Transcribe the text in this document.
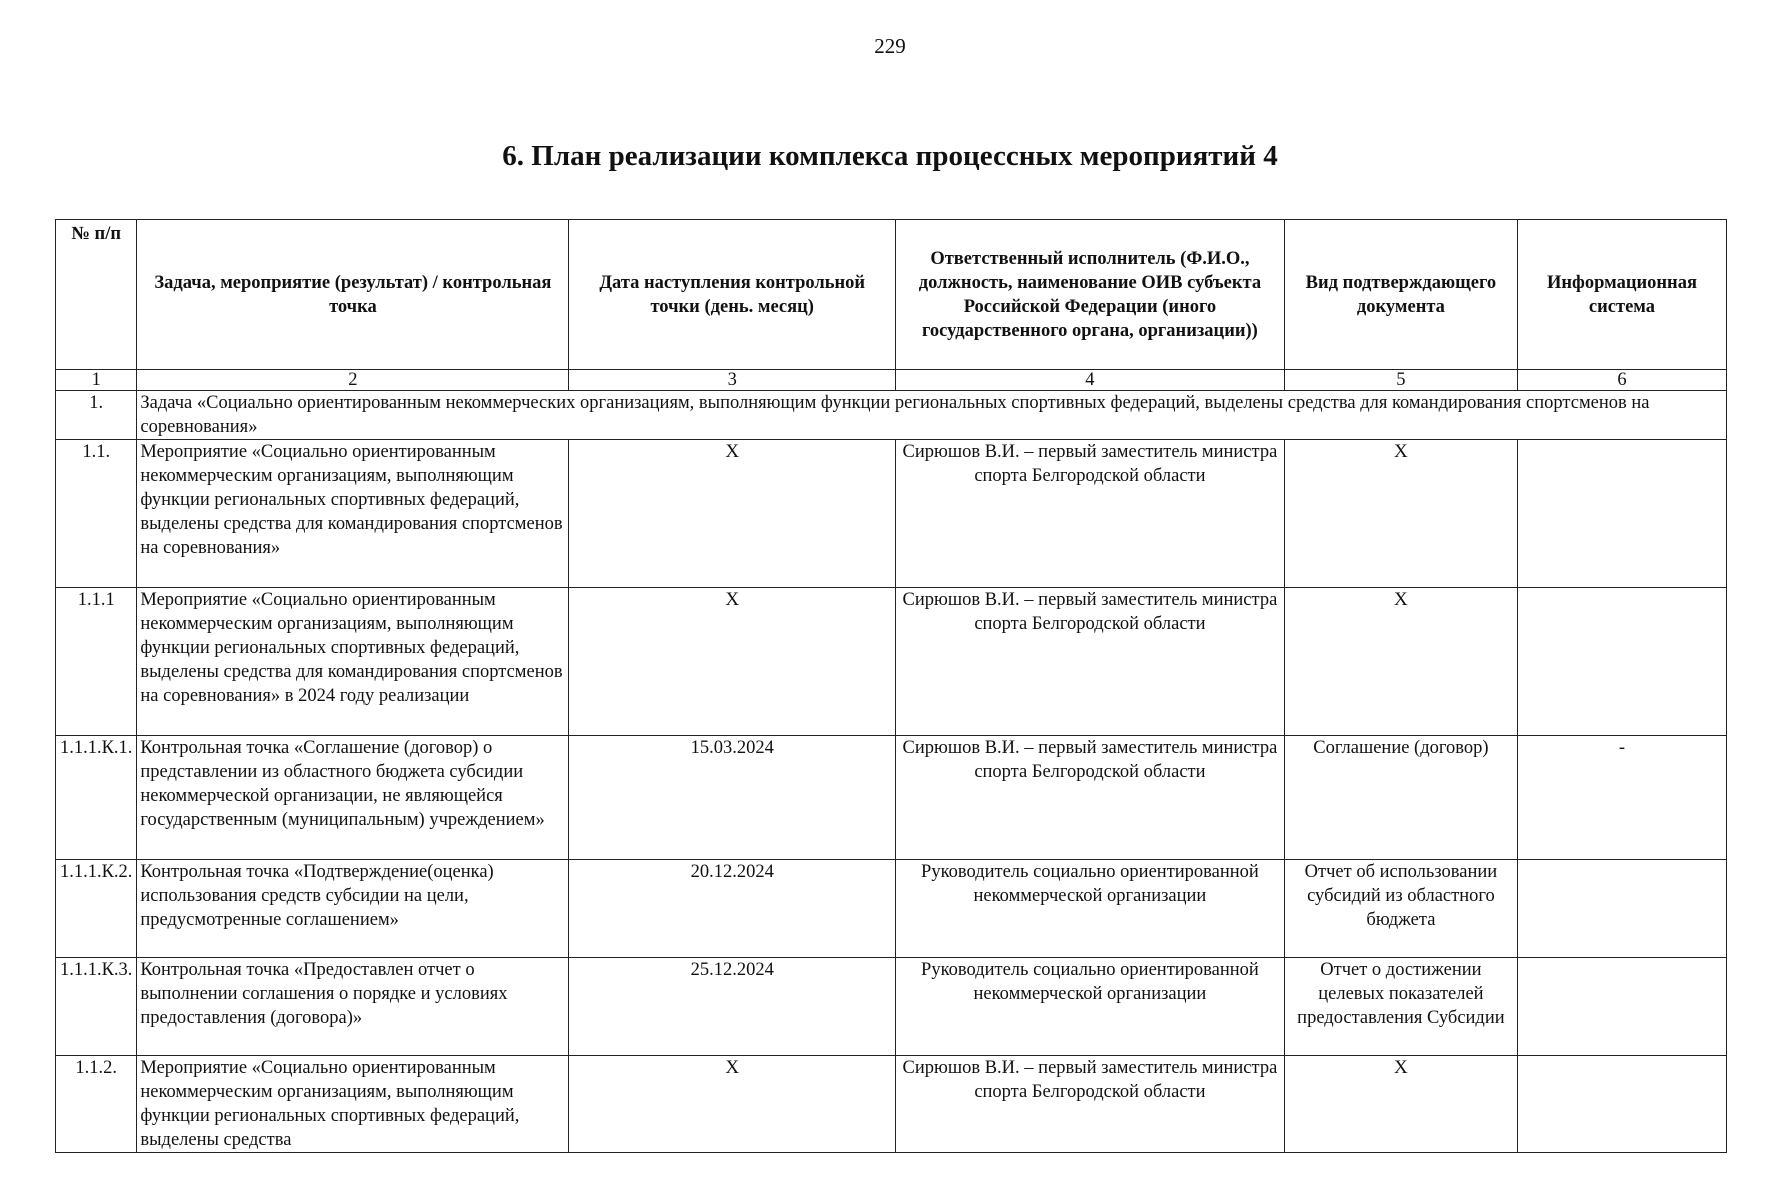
229
6. План реализации комплекса процессных мероприятий 4
№ п/п	Задача, мероприятие (результат) / контрольная точка	Дата наступления контрольной точки (день. месяц)	Ответственный исполнитель (Ф.И.О., должность, наименование ОИВ субъекта Российской Федерации (иного государственного органа, организации))	Вид подтверждающего документа	Информационная система
1	2	3	4	5	6
1.	Задача «Социально ориентированным некоммерческих организациям, выполняющим функции региональных спортивных федераций, выделены средства для командирования спортсменов на соревнования»				
1.1.	Мероприятие «Социально ориентированным некоммерческим организациям, выполняющим функции региональных спортивных федераций, выделены средства для командирования спортсменов на соревнования»	X	Сирюшов В.И. – первый заместитель министра спорта Белгородской области	X	
1.1.1	Мероприятие «Социально ориентированным некоммерческим организациям, выполняющим функции региональных спортивных федераций, выделены средства для командирования спортсменов на соревнования» в 2024 году реализации	X	Сирюшов В.И. – первый заместитель министра спорта Белгородской области	X	
1.1.1.К.1.	Контрольная точка «Соглашение (договор) о представлении из областного бюджета субсидии некоммерческой организации, не являющейся государственным (муниципальным) учреждением»	15.03.2024	Сирюшов В.И. – первый заместитель министра спорта Белгородской области	Соглашение (договор)	-
1.1.1.К.2.	Контрольная точка «Подтверждение(оценка) использования средств субсидии на цели, предусмотренные соглашением»	20.12.2024	Руководитель социально ориентированной некоммерческой организации	Отчет об использовании субсидий из областного бюджета	
1.1.1.К.3.	Контрольная точка «Предоставлен отчет о выполнении соглашения о порядке и условиях предоставления (договора)»	25.12.2024	Руководитель социально ориентированной некоммерческой организации	Отчет о достижении целевых показателей предоставления Субсидии	
1.1.2.	Мероприятие «Социально ориентированным некоммерческим организациям, выполняющим функции региональных спортивных федераций, выделены средства	X	Сирюшов В.И. – первый заместитель министра спорта Белгородской области	X	
